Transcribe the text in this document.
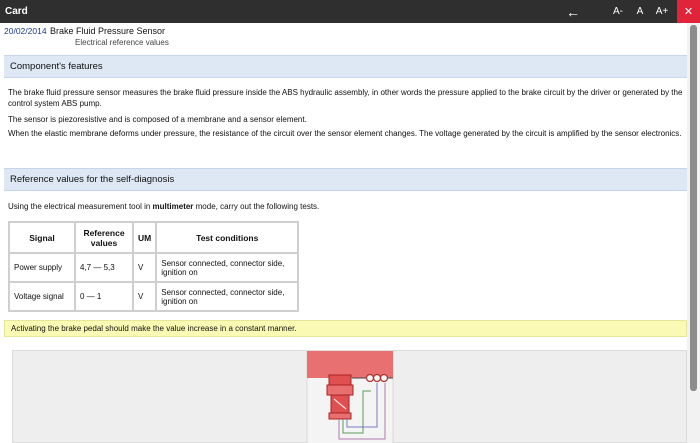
Card	←	A-	A	A+	✕
20/02/2014 Brake Fluid Pressure Sensor
Electrical reference values
Component's features

The brake fluid pressure sensor measures the brake fluid pressure inside the ABS hydraulic assembly, in other words the pressure applied to the brake circuit by the driver or generated by the control system ABS pump.

The sensor is piezoresistive and is composed of a membrane and a sensor element.

When the elastic membrane deforms under pressure, the resistance of the circuit over the sensor element changes. The voltage generated by the circuit is amplified by the sensor electronics.

Reference values for the self-diagnosis

Using the electrical measurement tool in multimeter mode, carry out the following tests.

Signal	Reference values	UM	Test conditions
Power supply	4,7 — 5,3	V	Sensor connected, connector side, ignition on
Voltage signal	0 — 1	V	Sensor connected, connector side, ignition on
Activating the brake pedal should make the value increase in a constant manner.
